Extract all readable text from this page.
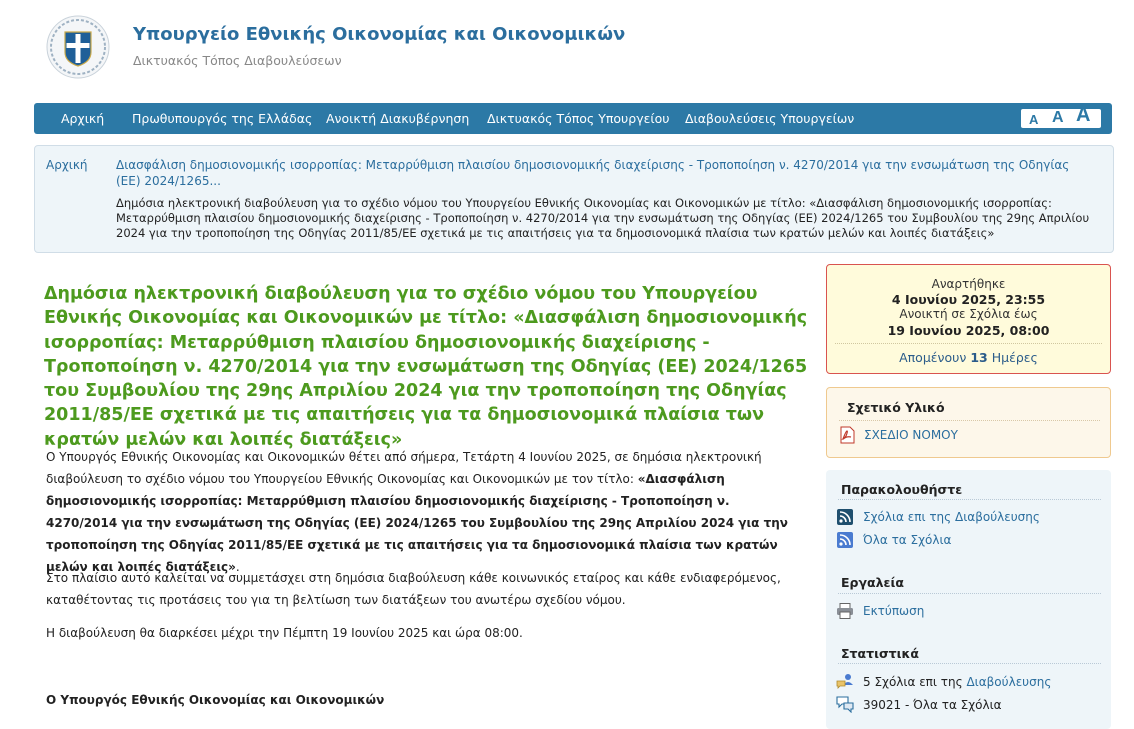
Υπουργείο Εθνικής Οικονομίας και Οικονομικών
Δικτυακός Τόπος Διαβουλεύσεων
Αρχική Πρωθυπουργός της Ελλάδας Ανοικτή Διακυβέρνηση Δικτυακός Τόπος Υπουργείου Διαβουλεύσεις Υπουργείων	A A A
Αρχική Διασφάλιση δημοσιονομικής ισορροπίας: Μεταρρύθμιση πλαισίου δημοσιονομικής διαχείρισης - Τροποποίηση ν. 4270/2014 για την ενσωμάτωση της Οδηγίας (ΕΕ) 2024/1265...
Δημόσια ηλεκτρονική διαβούλευση για το σχέδιο νόμου του Υπουργείου Εθνικής Οικονομίας και Οικονομικών με τίτλο: «Διασφάλιση δημοσιονομικής ισορροπίας: Μεταρρύθμιση πλαισίου δημοσιονομικής διαχείρισης - Τροποποίηση ν. 4270/2014 για την ενσωμάτωση της Οδηγίας (ΕΕ) 2024/1265 του Συμβουλίου της 29ης Απριλίου 2024 για την τροποποίηση της Οδηγίας 2011/85/ΕΕ σχετικά με τις απαιτήσεις για τα δημοσιονομικά πλαίσια των κρατών μελών και λοιπές διατάξεις»
Δημόσια ηλεκτρονική διαβούλευση για το σχέδιο νόμου του Υπουργείου Εθνικής Οικονομίας και Οικονομικών με τίτλο: «Διασφάλιση δημοσιονομικής ισορροπίας: Μεταρρύθμιση πλαισίου δημοσιονομικής διαχείρισης - Τροποποίηση ν. 4270/2014 για την ενσωμάτωση της Οδηγίας (ΕΕ) 2024/1265 του Συμβουλίου της 29ης Απριλίου 2024 για την τροποποίηση της Οδηγίας 2011/85/ΕΕ σχετικά με τις απαιτήσεις για τα δημοσιονομικά πλαίσια των κρατών μελών και λοιπές διατάξεις»

Ο Υπουργός Εθνικής Οικονομίας και Οικονομικών θέτει από σήμερα, Τετάρτη 4 Ιουνίου 2025, σε δημόσια ηλεκτρονική διαβούλευση το σχέδιο νόμου του Υπουργείου Εθνικής Οικονομίας και Οικονομικών με τον τίτλο: «Διασφάλιση δημοσιονομικής ισορροπίας: Μεταρρύθμιση πλαισίου δημοσιονομικής διαχείρισης - Τροποποίηση ν. 4270/2014 για την ενσωμάτωση της Οδηγίας (ΕΕ) 2024/1265 του Συμβουλίου της 29ης Απριλίου 2024 για την τροποποίηση της Οδηγίας 2011/85/ΕΕ σχετικά με τις απαιτήσεις για τα δημοσιονομικά πλαίσια των κρατών μελών και λοιπές διατάξεις».

Στο πλαίσιο αυτό καλείται να συμμετάσχει στη δημόσια διαβούλευση κάθε κοινωνικός εταίρος και κάθε ενδιαφερόμενος, καταθέτοντας τις προτάσεις του για τη βελτίωση των διατάξεων του ανωτέρω σχεδίου νόμου.

Η διαβούλευση θα διαρκέσει μέχρι την Πέμπτη 19 Ιουνίου 2025 και ώρα 08:00.

Ο Υπουργός Εθνικής Οικονομίας και Οικονομικών

Αναρτήθηκε
4 Ιουνίου 2025, 23:55
Ανοικτή σε Σχόλια έως
19 Ιουνίου 2025, 08:00
Απομένουν 13 Ημέρες
Σχετικό Υλικό
ΣΧΕΔΙΟ ΝΟΜΟΥ
Παρακολουθήστε
Σχόλια επι της Διαβούλευσης
Όλα τα Σχόλια
Εργαλεία
Εκτύπωση
Στατιστικά
5 Σχόλια επι της Διαβούλευσης
39021 - Όλα τα Σχόλια
